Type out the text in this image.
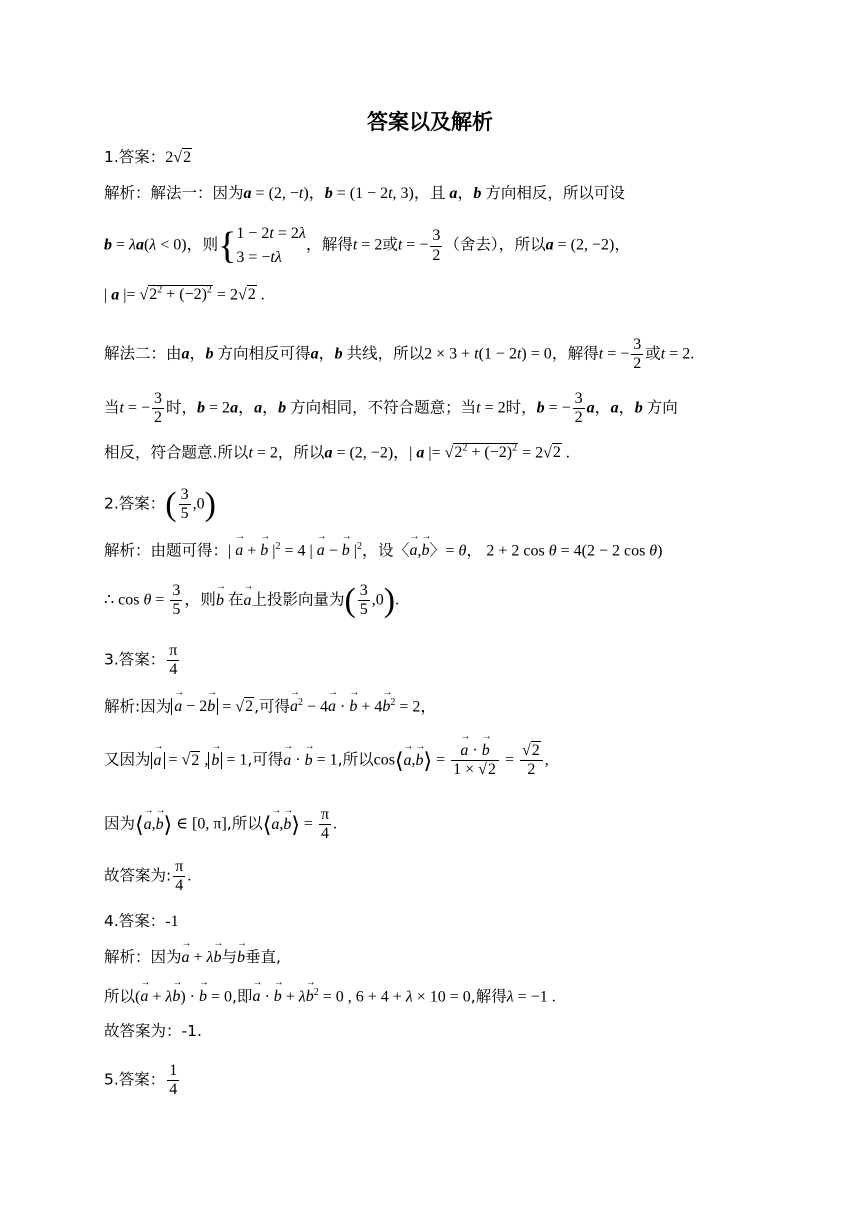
答案以及解析
1.答案：2√2
解析：解法一：因为a = (2, −t)，b = (1 − 2t, 3)，且 a，b 方向相反，所以可设
b = λa(λ < 0)，则{ 1 − 2t = 2λ
3 = −tλ
，解得t = 2或t = − $\frac{3}{2}$ （舍去），所以a = (2, −2)，
| a |= $√2^2 + (-2)^2 = 2√2$ .
解法二：由a，b 方向相反可得a，b 共线，所以2 × 3 + t(1 − 2t) = 0，解得t = − $\frac{3}{2}$ 或t = 2.
当t = − $\frac{3}{2}$ 时，b = 2a，a，b 方向相同，不符合题意；当t = 2时，b = − $\frac{3}{2}$ a，a，b 方向
相反，符合题意.所以t = 2，所以a = (2, −2)，| a |= $√2^2 + (-2)^2 = 2√2$ .
2.答案：( $\frac{3}{5} ,0$)
解析：由题可得：| → a + → b $|^2 = 4$ | → a − → b $|^2$，设〈→ a,→ b〉= θ， 2 + 2 cos θ = 4(2 − 2 cos θ)
∴ $\cos \theta = \frac{3}{5}$ ，则→ b 在→ a上投影向量为( $\frac{3}{5} ,0$).
3.答案： $\frac{\pi}{4}$
解析:因为 → a − 2→ b = √2,可得→ $a^2 - 4\to a$ · → $b + 4\to b^2 = 2$，
又因为 → a = √2 , → b = 1,可得→ a · → b = 1,所以cos⟨→ a,→ b⟩ = → $\frac{a \cdot \to b}{1 \times √2} = \frac{√2}{2}$ ,
因为⟨→ a,→ b⟩ ∈ [0, π],所以⟨→ a,→ b⟩ = $\frac{\pi}{4}$ .
故答案为: $\frac{\pi}{4}$ .
4.答案：-1
解析：因为→ a + λ→ b与→ b垂直,
所以(→ a + λ→ b) · → b = 0,即→ a · → $b + \lambda\to b^2 = 0$ , 6 + 4 + λ × 10 = 0,解得λ = −1 .
故答案为：-1.
5.答案： $\frac{1}{4}$
